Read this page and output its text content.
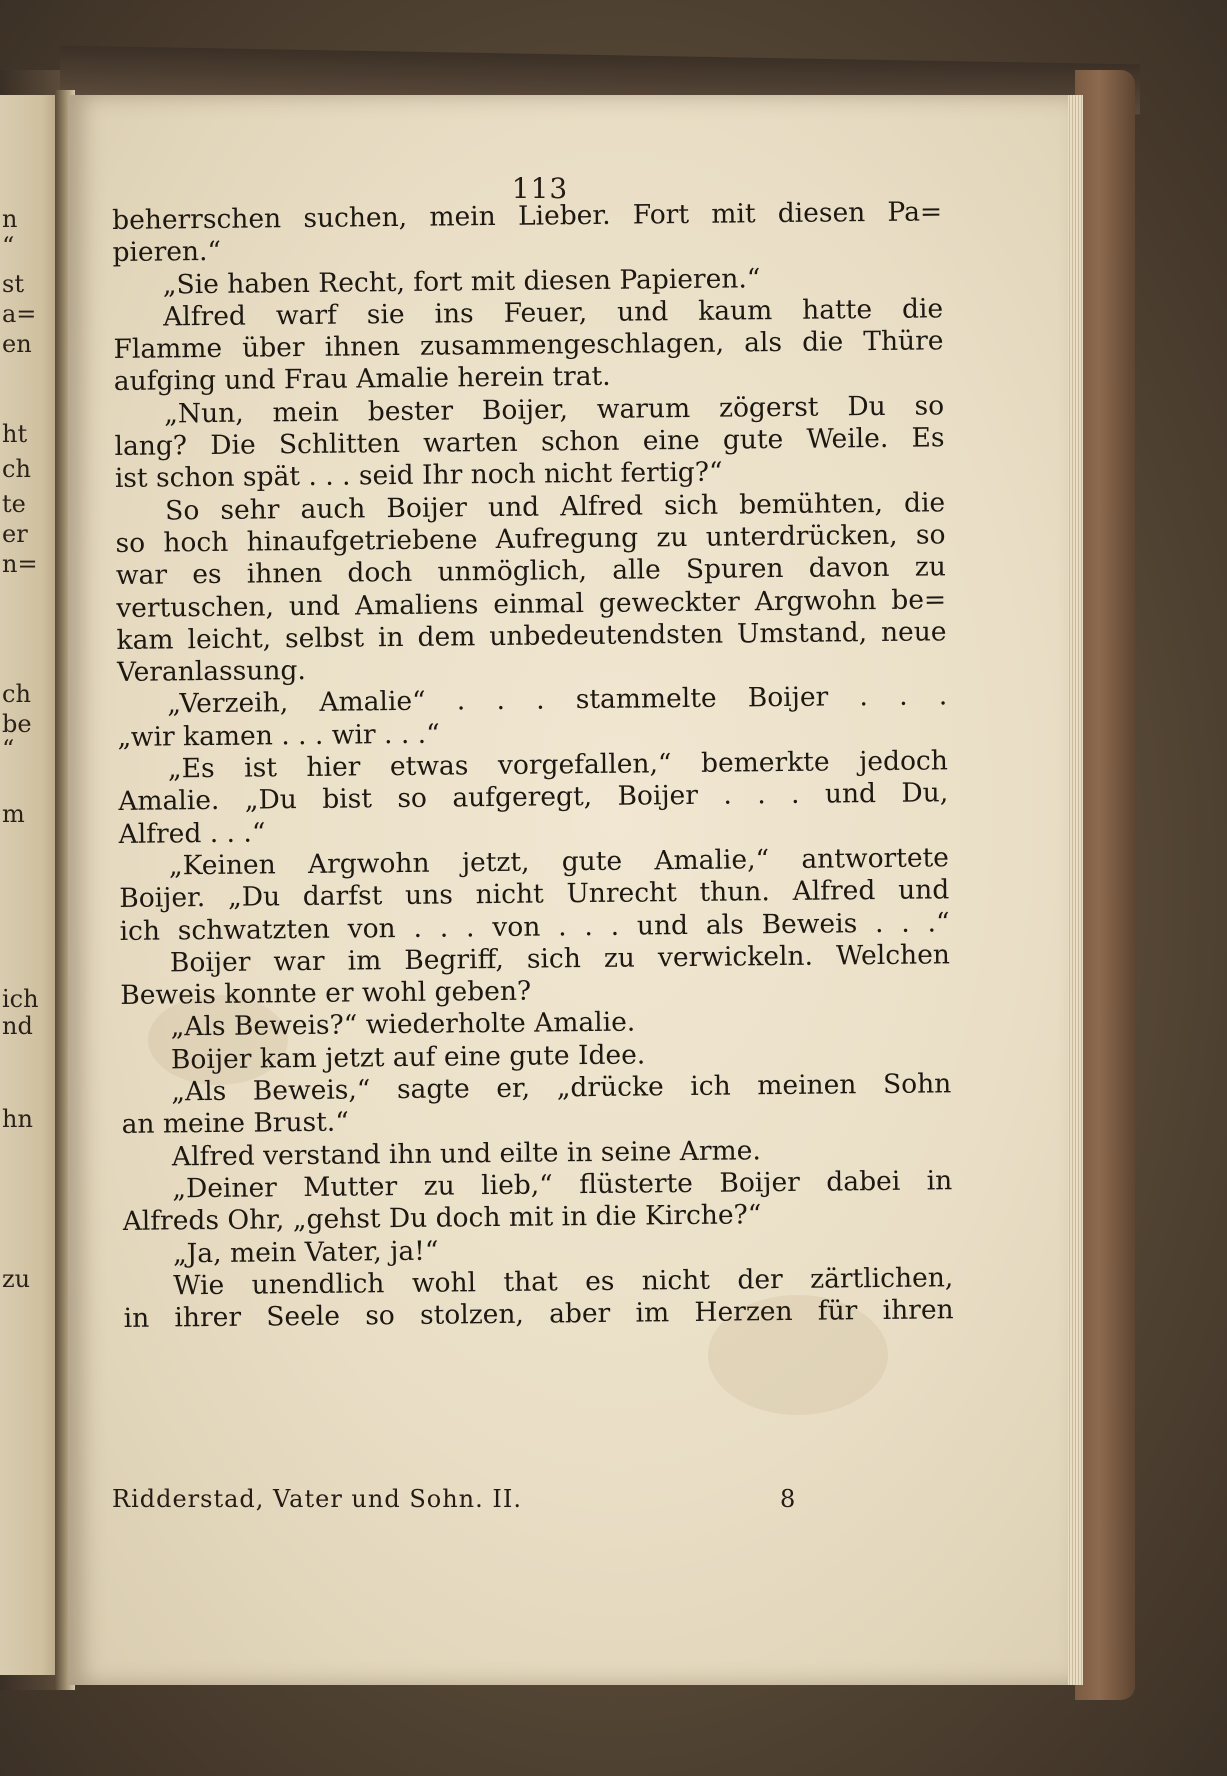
n
“
st
a=
en
ht
ch
te
er
n=
ch
be
“
m
ich
nd
hn
zu
113
beherrschen suchen, mein Lieber. Fort mit diesen Pa=
pieren.“
„Sie haben Recht, fort mit diesen Papieren.“
Alfred warf sie ins Feuer, und kaum hatte die
Flamme über ihnen zusammengeschlagen, als die Thüre
aufging und Frau Amalie herein trat.
„Nun, mein bester Boijer, warum zögerst Du so
lang? Die Schlitten warten schon eine gute Weile. Es
ist schon spät . . . seid Ihr noch nicht fertig?“
So sehr auch Boijer und Alfred sich bemühten, die
so hoch hinaufgetriebene Aufregung zu unterdrücken, so
war es ihnen doch unmöglich, alle Spuren davon zu
vertuschen, und Amaliens einmal geweckter Argwohn be=
kam leicht, selbst in dem unbedeutendsten Umstand, neue
Veranlassung.
„Verzeih, Amalie“ . . . stammelte Boijer . . .
„wir kamen . . . wir . . .“
„Es ist hier etwas vorgefallen,“ bemerkte jedoch
Amalie. „Du bist so aufgeregt, Boijer . . . und Du,
Alfred . . .“
„Keinen Argwohn jetzt, gute Amalie,“ antwortete
Boijer. „Du darfst uns nicht Unrecht thun. Alfred und
ich schwatzten von . . . von . . . und als Beweis . . .“
Boijer war im Begriff, sich zu verwickeln. Welchen
Beweis konnte er wohl geben?
„Als Beweis?“ wiederholte Amalie.
Boijer kam jetzt auf eine gute Idee.
„Als Beweis,“ sagte er, „drücke ich meinen Sohn
an meine Brust.“
Alfred verstand ihn und eilte in seine Arme.
„Deiner Mutter zu lieb,“ flüsterte Boijer dabei in
Alfreds Ohr, „gehst Du doch mit in die Kirche?“
„Ja, mein Vater, ja!“
Wie unendlich wohl that es nicht der zärtlichen,
in ihrer Seele so stolzen, aber im Herzen für ihren
Ridderstad, Vater und Sohn. II.	8
